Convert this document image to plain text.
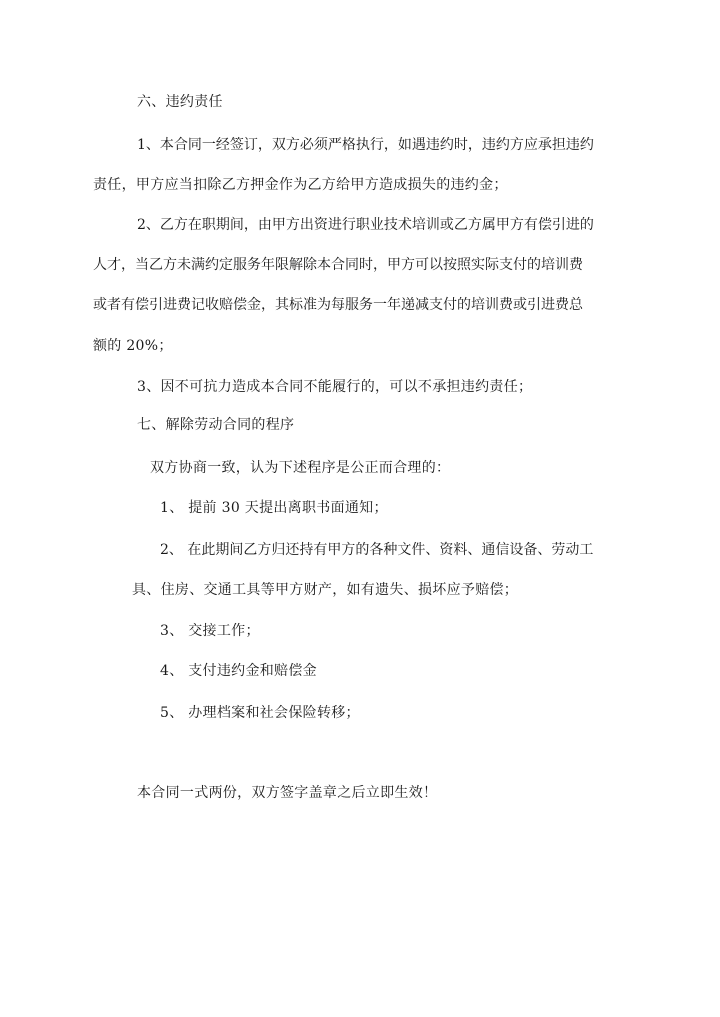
六、违约责任
1、本合同一经签订，双方必须严格执行，如遇违约时，违约方应承担违约
责任，甲方应当扣除乙方押金作为乙方给甲方造成损失的违约金；
2、乙方在职期间，由甲方出资进行职业技术培训或乙方属甲方有偿引进的
人才，当乙方未满约定服务年限解除本合同时，甲方可以按照实际支付的培训费
或者有偿引进费记收赔偿金，其标准为每服务一年递减支付的培训费或引进费总
额的 20%；
3、因不可抗力造成本合同不能履行的，可以不承担违约责任；
七、解除劳动合同的程序
双方协商一致，认为下述程序是公正而合理的：
1、 提前 30 天提出离职书面通知；
2、 在此期间乙方归还持有甲方的各种文件、资料、通信设备、劳动工
具、住房、交通工具等甲方财产，如有遗失、损坏应予赔偿；
3、 交接工作；
4、 支付违约金和赔偿金
5、 办理档案和社会保险转移；
本合同一式两份，双方签字盖章之后立即生效！
